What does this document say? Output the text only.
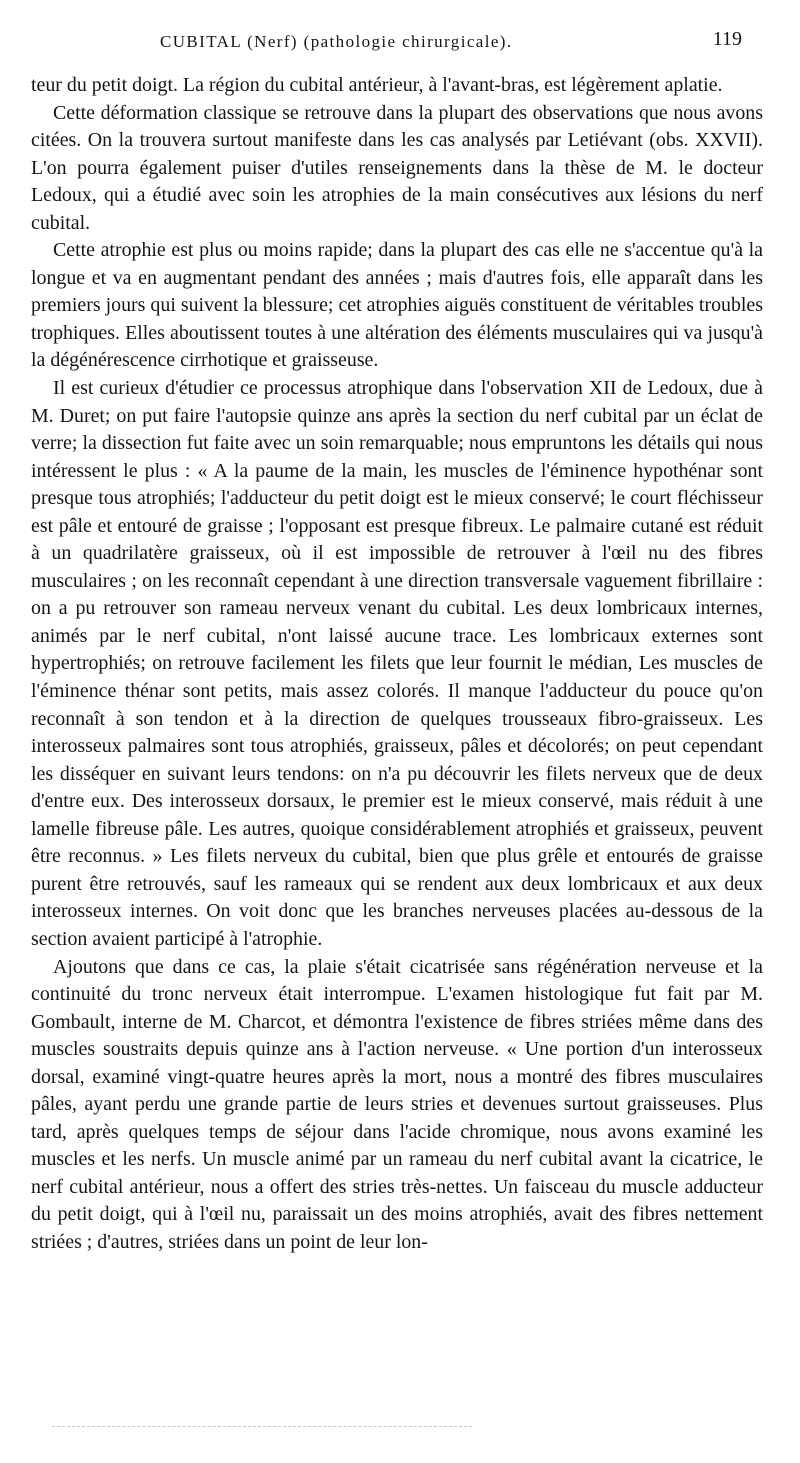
CUBITAL (Nerf) (pathologie chirurgicale).	119

teur du petit doigt. La région du cubital antérieur, à l'avant-bras, est légèrement aplatie.

Cette déformation classique se retrouve dans la plupart des observations que nous avons citées. On la trouvera surtout manifeste dans les cas analysés par Letiévant (obs. XXVII). L'on pourra également puiser d'utiles renseignements dans la thèse de M. le docteur Ledoux, qui a étudié avec soin les atrophies de la main consécutives aux lésions du nerf cubital.

Cette atrophie est plus ou moins rapide; dans la plupart des cas elle ne s'accentue qu'à la longue et va en augmentant pendant des années ; mais d'autres fois, elle apparaît dans les premiers jours qui suivent la blessure; cet atrophies aiguës constituent de véritables troubles trophiques. Elles aboutissent toutes à une altération des éléments musculaires qui va jusqu'à la dégénérescence cirrhotique et graisseuse.

Il est curieux d'étudier ce processus atrophique dans l'observation XII de Ledoux, due à M. Duret; on put faire l'autopsie quinze ans après la section du nerf cubital par un éclat de verre; la dissection fut faite avec un soin remarquable; nous empruntons les détails qui nous intéressent le plus : « A la paume de la main, les muscles de l'éminence hypothénar sont presque tous atrophiés; l'adducteur du petit doigt est le mieux conservé; le court fléchisseur est pâle et entouré de graisse ; l'opposant est presque fibreux. Le palmaire cutané est réduit à un quadrilatère graisseux, où il est impossible de retrouver à l'œil nu des fibres musculaires ; on les reconnaît cependant à une direction transversale vaguement fibrillaire : on a pu retrouver son rameau nerveux venant du cubital. Les deux lombricaux internes, animés par le nerf cubital, n'ont laissé aucune trace. Les lombricaux externes sont hypertrophiés; on retrouve facilement les filets que leur fournit le médian, Les muscles de l'éminence thénar sont petits, mais assez colorés. Il manque l'adducteur du pouce qu'on reconnaît à son tendon et à la direction de quelques trousseaux fibro-graisseux. Les interosseux palmaires sont tous atrophiés, graisseux, pâles et décolorés; on peut cependant les disséquer en suivant leurs tendons: on n'a pu découvrir les filets nerveux que de deux d'entre eux. Des interosseux dorsaux, le premier est le mieux conservé, mais réduit à une lamelle fibreuse pâle. Les autres, quoique considérablement atrophiés et graisseux, peuvent être reconnus. » Les filets nerveux du cubital, bien que plus grêle et entourés de graisse purent être retrouvés, sauf les rameaux qui se rendent aux deux lombricaux et aux deux interosseux internes. On voit donc que les branches nerveuses placées au-dessous de la section avaient participé à l'atrophie.

Ajoutons que dans ce cas, la plaie s'était cicatrisée sans régénération nerveuse et la continuité du tronc nerveux était interrompue. L'examen histologique fut fait par M. Gombault, interne de M. Charcot, et démontra l'existence de fibres striées même dans des muscles soustraits depuis quinze ans à l'action nerveuse. « Une portion d'un interosseux dorsal, examiné vingt-quatre heures après la mort, nous a montré des fibres musculaires pâles, ayant perdu une grande partie de leurs stries et devenues surtout graisseuses. Plus tard, après quelques temps de séjour dans l'acide chromique, nous avons examiné les muscles et les nerfs. Un muscle animé par un rameau du nerf cubital avant la cicatrice, le nerf cubital antérieur, nous a offert des stries très-nettes. Un faisceau du muscle adducteur du petit doigt, qui à l'œil nu, paraissait un des moins atrophiés, avait des fibres nettement striées ; d'autres, striées dans un point de leur lon-
